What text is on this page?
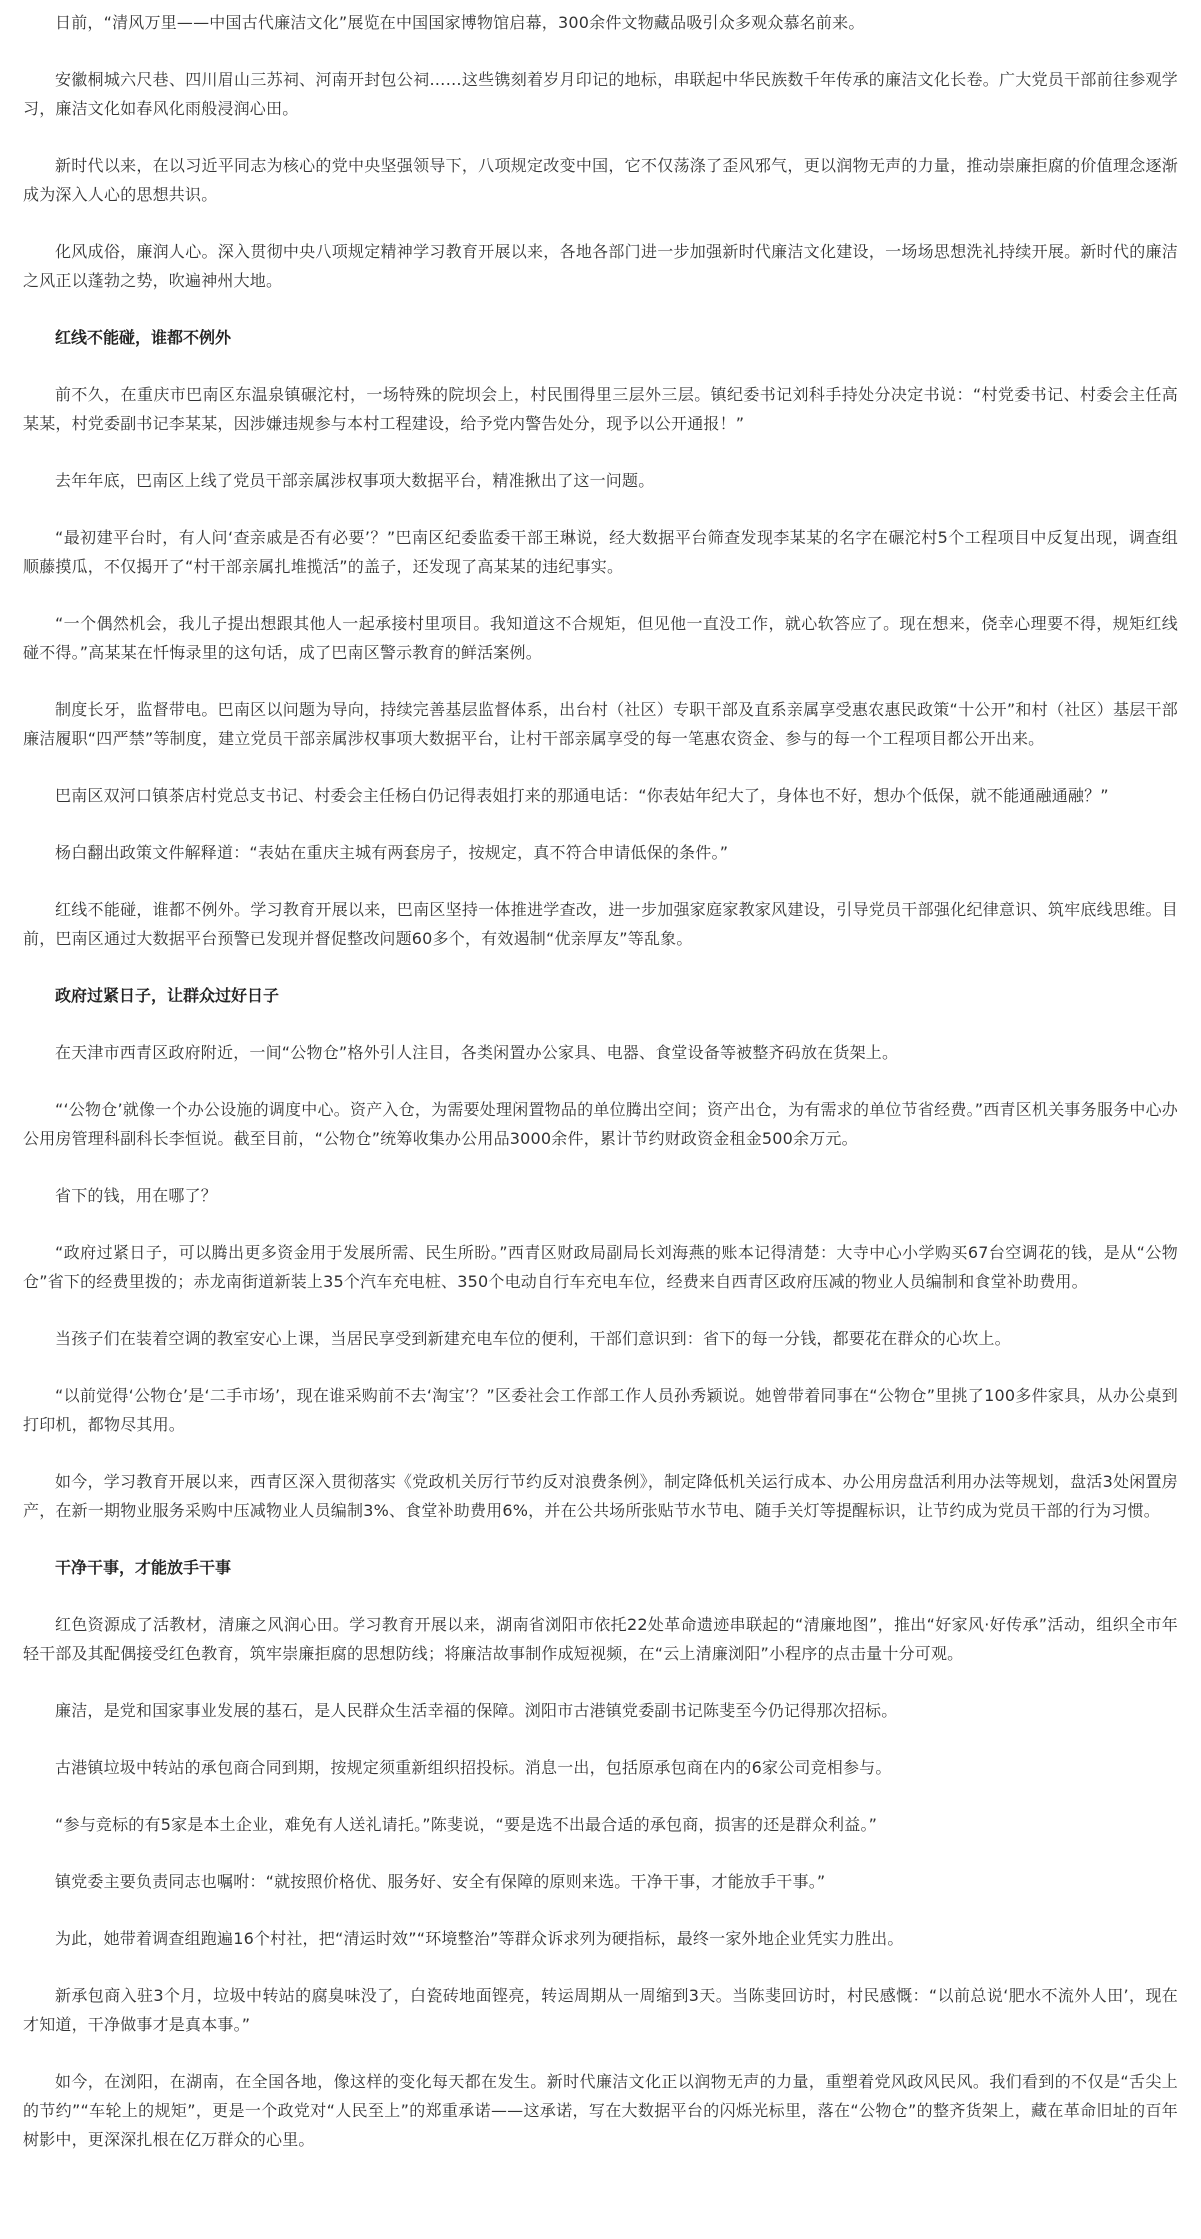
日前，“清风万里——中国古代廉洁文化”展览在中国国家博物馆启幕，300余件文物藏品吸引众多观众慕名前来。

安徽桐城六尺巷、四川眉山三苏祠、河南开封包公祠……这些镌刻着岁月印记的地标，串联起中华民族数千年传承的廉洁文化长卷。广大党员干部前往参观学习，廉洁文化如春风化雨般浸润心田。

新时代以来，在以习近平同志为核心的党中央坚强领导下，八项规定改变中国，它不仅荡涤了歪风邪气，更以润物无声的力量，推动崇廉拒腐的价值理念逐渐成为深入人心的思想共识。

化风成俗，廉润人心。深入贯彻中央八项规定精神学习教育开展以来，各地各部门进一步加强新时代廉洁文化建设，一场场思想洗礼持续开展。新时代的廉洁之风正以蓬勃之势，吹遍神州大地。

红线不能碰，谁都不例外

前不久，在重庆市巴南区东温泉镇碾沱村，一场特殊的院坝会上，村民围得里三层外三层。镇纪委书记刘科手持处分决定书说：“村党委书记、村委会主任高某某，村党委副书记李某某，因涉嫌违规参与本村工程建设，给予党内警告处分，现予以公开通报！”

去年年底，巴南区上线了党员干部亲属涉权事项大数据平台，精准揪出了这一问题。

“最初建平台时，有人问‘查亲戚是否有必要’？”巴南区纪委监委干部王琳说，经大数据平台筛查发现李某某的名字在碾沱村5个工程项目中反复出现，调查组顺藤摸瓜，不仅揭开了“村干部亲属扎堆揽活”的盖子，还发现了高某某的违纪事实。

“一个偶然机会，我儿子提出想跟其他人一起承接村里项目。我知道这不合规矩，但见他一直没工作，就心软答应了。现在想来，侥幸心理要不得，规矩红线碰不得。”高某某在忏悔录里的这句话，成了巴南区警示教育的鲜活案例。

制度长牙，监督带电。巴南区以问题为导向，持续完善基层监督体系，出台村（社区）专职干部及直系亲属享受惠农惠民政策“十公开”和村（社区）基层干部廉洁履职“四严禁”等制度，建立党员干部亲属涉权事项大数据平台，让村干部亲属享受的每一笔惠农资金、参与的每一个工程项目都公开出来。

巴南区双河口镇茶店村党总支书记、村委会主任杨白仍记得表姐打来的那通电话：“你表姑年纪大了，身体也不好，想办个低保，就不能通融通融？”

杨白翻出政策文件解释道：“表姑在重庆主城有两套房子，按规定，真不符合申请低保的条件。”

红线不能碰，谁都不例外。学习教育开展以来，巴南区坚持一体推进学查改，进一步加强家庭家教家风建设，引导党员干部强化纪律意识、筑牢底线思维。目前，巴南区通过大数据平台预警已发现并督促整改问题60多个，有效遏制“优亲厚友”等乱象。

政府过紧日子，让群众过好日子

在天津市西青区政府附近，一间“公物仓”格外引人注目，各类闲置办公家具、电器、食堂设备等被整齐码放在货架上。

“‘公物仓’就像一个办公设施的调度中心。资产入仓，为需要处理闲置物品的单位腾出空间；资产出仓，为有需求的单位节省经费。”西青区机关事务服务中心办公用房管理科副科长李恒说。截至目前，“公物仓”统筹收集办公用品3000余件，累计节约财政资金租金500余万元。

省下的钱，用在哪了？

“政府过紧日子，可以腾出更多资金用于发展所需、民生所盼。”西青区财政局副局长刘海燕的账本记得清楚：大寺中心小学购买67台空调花的钱，是从“公物仓”省下的经费里拨的；赤龙南街道新装上35个汽车充电桩、350个电动自行车充电车位，经费来自西青区政府压减的物业人员编制和食堂补助费用。

当孩子们在装着空调的教室安心上课，当居民享受到新建充电车位的便利，干部们意识到：省下的每一分钱，都要花在群众的心坎上。

“以前觉得‘公物仓’是‘二手市场’，现在谁采购前不去‘淘宝’？”区委社会工作部工作人员孙秀颖说。她曾带着同事在“公物仓”里挑了100多件家具，从办公桌到打印机，都物尽其用。

如今，学习教育开展以来，西青区深入贯彻落实《党政机关厉行节约反对浪费条例》，制定降低机关运行成本、办公用房盘活利用办法等规划，盘活3处闲置房产，在新一期物业服务采购中压减物业人员编制3%、食堂补助费用6%，并在公共场所张贴节水节电、随手关灯等提醒标识，让节约成为党员干部的行为习惯。

干净干事，才能放手干事

红色资源成了活教材，清廉之风润心田。学习教育开展以来，湖南省浏阳市依托22处革命遗迹串联起的“清廉地图”，推出“好家风·好传承”活动，组织全市年轻干部及其配偶接受红色教育，筑牢崇廉拒腐的思想防线；将廉洁故事制作成短视频，在“云上清廉浏阳”小程序的点击量十分可观。

廉洁，是党和国家事业发展的基石，是人民群众生活幸福的保障。浏阳市古港镇党委副书记陈斐至今仍记得那次招标。

古港镇垃圾中转站的承包商合同到期，按规定须重新组织招投标。消息一出，包括原承包商在内的6家公司竞相参与。

“参与竞标的有5家是本土企业，难免有人送礼请托。”陈斐说，“要是选不出最合适的承包商，损害的还是群众利益。”

镇党委主要负责同志也嘱咐：“就按照价格优、服务好、安全有保障的原则来选。干净干事，才能放手干事。”

为此，她带着调查组跑遍16个村社，把“清运时效”“环境整治”等群众诉求列为硬指标，最终一家外地企业凭实力胜出。

新承包商入驻3个月，垃圾中转站的腐臭味没了，白瓷砖地面铿亮，转运周期从一周缩到3天。当陈斐回访时，村民感慨：“以前总说‘肥水不流外人田’，现在才知道，干净做事才是真本事。”

如今，在浏阳，在湖南，在全国各地，像这样的变化每天都在发生。新时代廉洁文化正以润物无声的力量，重塑着党风政风民风。我们看到的不仅是“舌尖上的节约”“车轮上的规矩”，更是一个政党对“人民至上”的郑重承诺——这承诺，写在大数据平台的闪烁光标里，落在“公物仓”的整齐货架上，藏在革命旧址的百年树影中，更深深扎根在亿万群众的心里。
